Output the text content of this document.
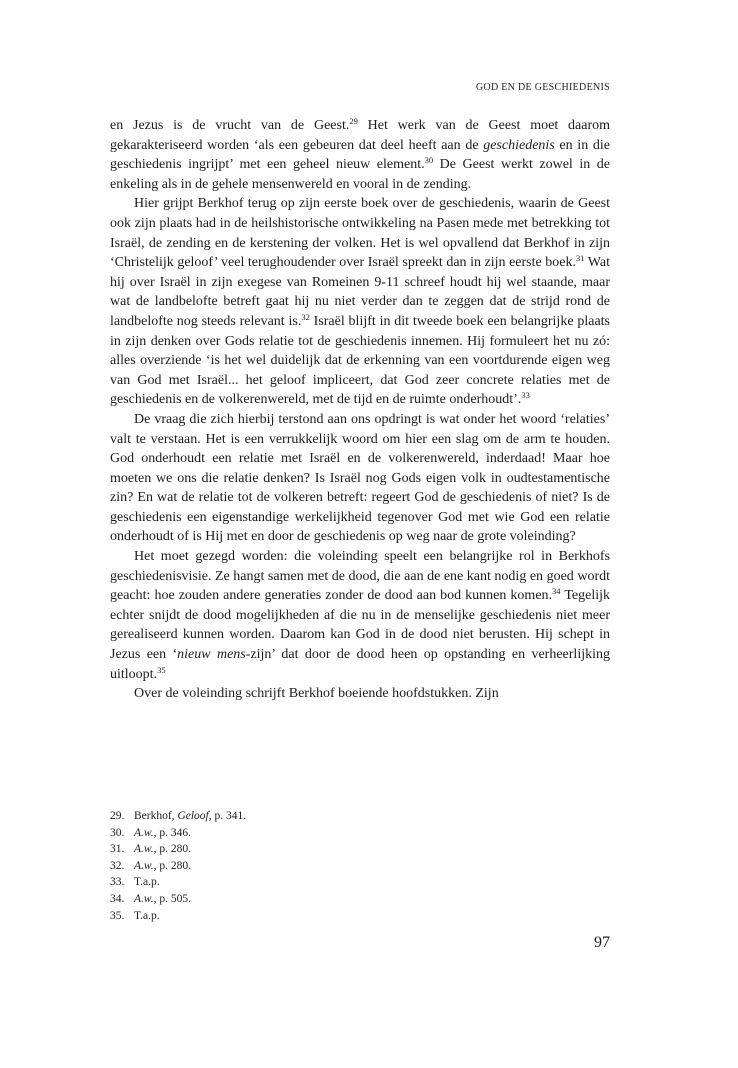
GOD EN DE GESCHIEDENIS

en Jezus is de vrucht van de Geest.$^{29}$ Het werk van de Geest moet daarom gekarakteriseerd worden ‘als een gebeuren dat deel heeft aan de geschiedenis en in die geschiedenis ingrijpt’ met een geheel nieuw element.$^{30}$ De Geest werkt zowel in de enkeling als in de gehele mensenwereld en vooral in de zending.

Hier grijpt Berkhof terug op zijn eerste boek over de geschiedenis, waarin de Geest ook zijn plaats had in de heilshistorische ontwikkeling na Pasen mede met betrekking tot Israël, de zending en de kerstening der volken. Het is wel opvallend dat Berkhof in zijn ‘Christelijk geloof’ veel terughoudender over Israël spreekt dan in zijn eerste boek.$^{31}$ Wat hij over Israël in zijn exegese van Romeinen 9-11 schreef houdt hij wel staande, maar wat de landbelofte betreft gaat hij nu niet verder dan te zeggen dat de strijd rond de landbelofte nog steeds relevant is.$^{32}$ Israël blijft in dit tweede boek een belangrijke plaats in zijn denken over Gods relatie tot de geschiedenis innemen. Hij formuleert het nu zó: alles overziende ‘is het wel duidelijk dat de erkenning van een voortdurende eigen weg van God met Israël... het geloof impliceert, dat God zeer concrete relaties met de geschiedenis en de volkerenwereld, met de tijd en de ruimte onderhoudt’.$^{33}$

De vraag die zich hierbij terstond aan ons opdringt is wat onder het woord ‘relaties’ valt te verstaan. Het is een verrukkelijk woord om hier een slag om de arm te houden. God onderhoudt een relatie met Israël en de volkerenwereld, inderdaad! Maar hoe moeten we ons die relatie denken? Is Israël nog Gods eigen volk in oudtestamentische zin? En wat de relatie tot de volkeren betreft: regeert God de geschiedenis of niet? Is de geschiedenis een eigenstandige werkelijkheid tegenover God met wie God een relatie onderhoudt of is Hij met en door de geschiedenis op weg naar de grote voleinding?

Het moet gezegd worden: die voleinding speelt een belangrijke rol in Berkhofs geschiedenisvisie. Ze hangt samen met de dood, die aan de ene kant nodig en goed wordt geacht: hoe zouden andere generaties zonder de dood aan bod kunnen komen.$^{34}$ Tegelijk echter snijdt de dood mogelijkheden af die nu in de menselijke geschiedenis niet meer gerealiseerd kunnen worden. Daarom kan God in de dood niet berusten. Hij schept in Jezus een ‘nieuw mens-zijn’ dat door de dood heen op opstanding en verheerlijking uitloopt.$^{35}$

Over de voleinding schrijft Berkhof boeiende hoofdstukken. Zijn

29. Berkhof, Geloof, p. 341.
30. A.w., p. 346.
31. A.w., p. 280.
32. A.w., p. 280.
33. T.a.p.
34. A.w., p. 505.
35. T.a.p.
97
